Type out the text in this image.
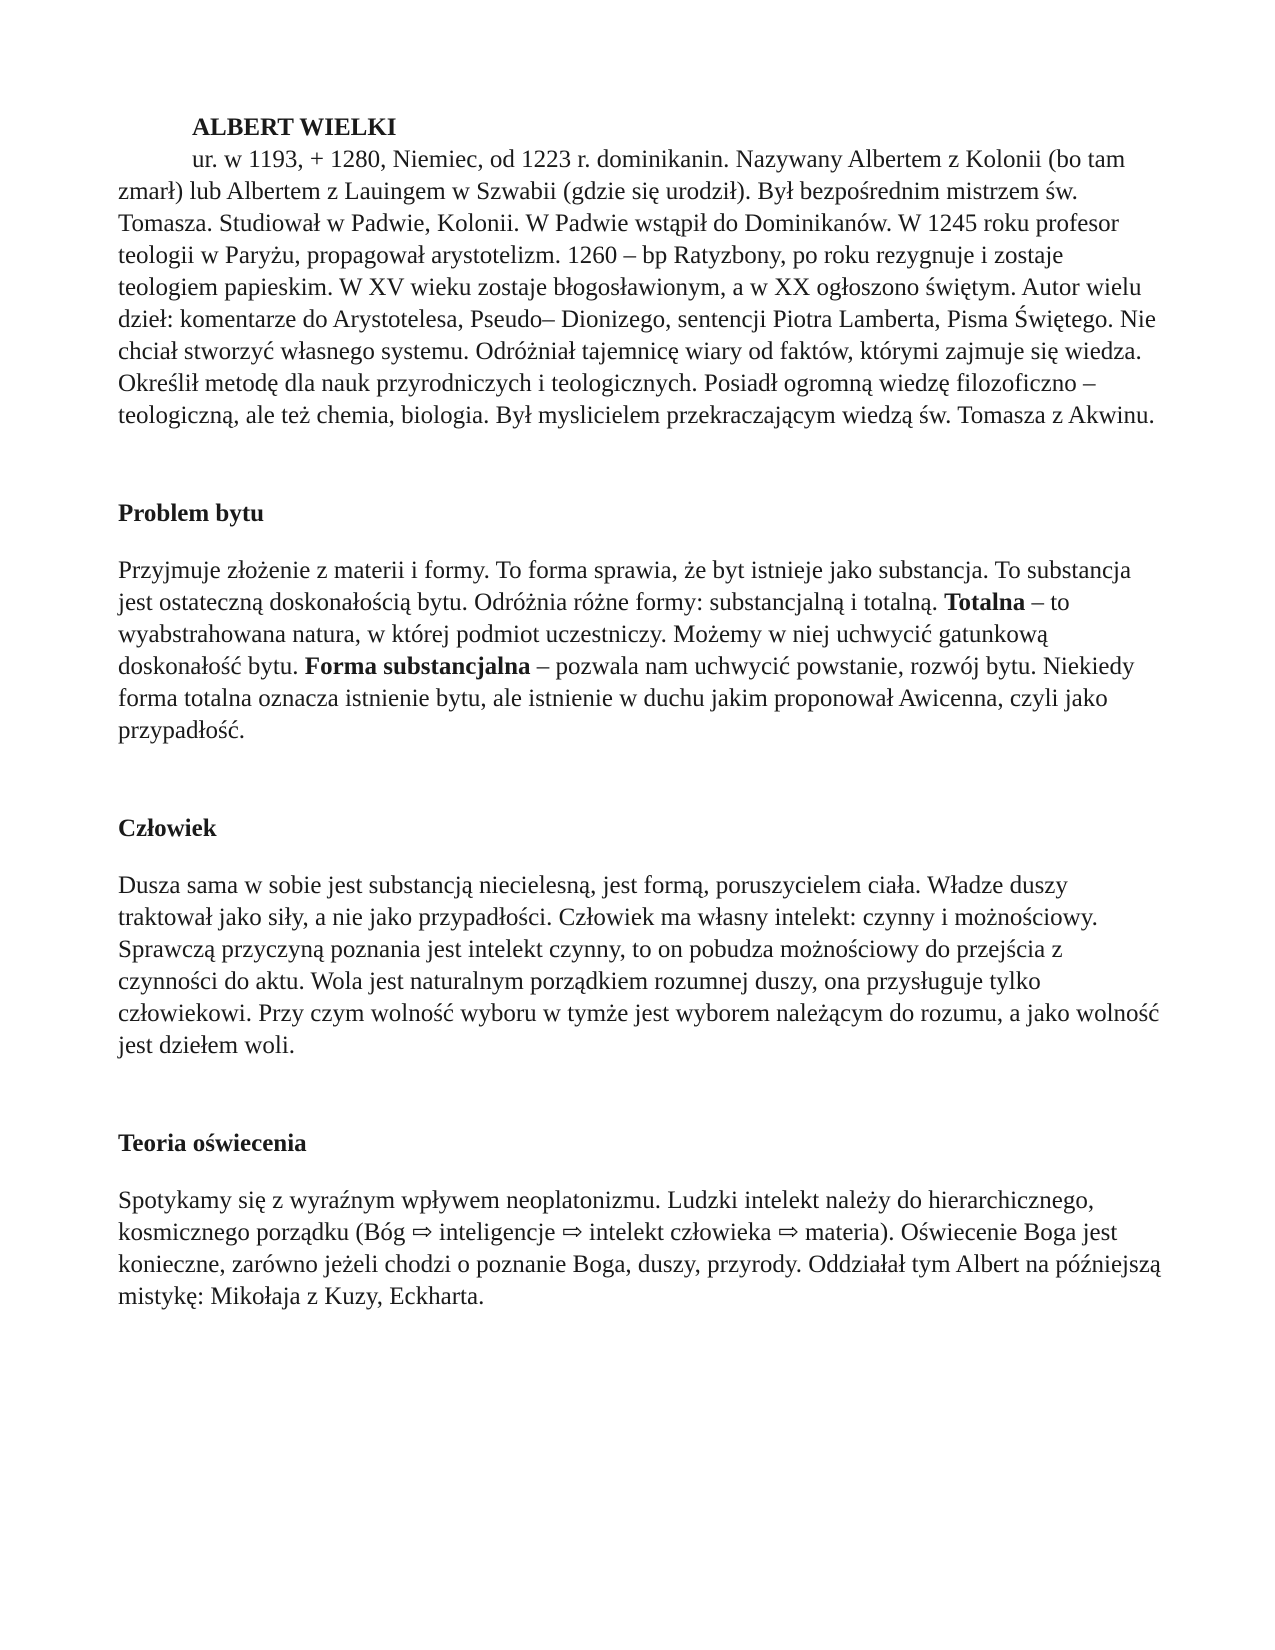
ALBERT WIELKI

ur. w 1193, + 1280, Niemiec, od 1223 r. dominikanin. Nazywany Albertem z Kolonii (bo tam zmarł) lub Albertem z Lauingem w Szwabii (gdzie się urodził). Był bezpośrednim mistrzem św. Tomasza. Studiował w Padwie, Kolonii. W Padwie wstąpił do Dominikanów. W 1245 roku profesor teologii w Paryżu, propagował arystotelizm. 1260 – bp Ratyzbony, po roku rezygnuje i zostaje teologiem papieskim. W XV wieku zostaje błogosławionym, a w XX ogłoszono świętym. Autor wielu dzieł: komentarze do Arystotelesa, Pseudo– Dionizego, sentencji Piotra Lamberta, Pisma Świętego. Nie chciał stworzyć własnego systemu. Odróżniał tajemnicę wiary od faktów, którymi zajmuje się wiedza. Określił metodę dla nauk przyrodniczych i teologicznych. Posiadł ogromną wiedzę filozoficzno – teologiczną, ale też chemia, biologia. Był myslicielem przekraczającym wiedzą św. Tomasza z Akwinu.

Problem bytu

Przyjmuje złożenie z materii i formy. To forma sprawia, że byt istnieje jako substancja. To substancja jest ostateczną doskonałością bytu. Odróżnia różne formy: substancjalną i totalną. Totalna – to wyabstrahowana natura, w której podmiot uczestniczy. Możemy w niej uchwycić gatunkową doskonałość bytu. Forma substancjalna – pozwala nam uchwycić powstanie, rozwój bytu. Niekiedy forma totalna oznacza istnienie bytu, ale istnienie w duchu jakim proponował Awicenna, czyli jako przypadłość.

Człowiek

Dusza sama w sobie jest substancją niecielesną, jest formą, poruszycielem ciała. Władze duszy traktował jako siły, a nie jako przypadłości. Człowiek ma własny intelekt: czynny i możnościowy. Sprawczą przyczyną poznania jest intelekt czynny, to on pobudza możnościowy do przejścia z czynności do aktu. Wola jest naturalnym porządkiem rozumnej duszy, ona przysługuje tylko człowiekowi. Przy czym wolność wyboru w tymże jest wyborem należącym do rozumu, a jako wolność jest dziełem woli.

Teoria oświecenia

Spotykamy się z wyraźnym wpływem neoplatonizmu. Ludzki intelekt należy do hierarchicznego, kosmicznego porządku (Bóg ⇨ inteligencje ⇨ intelekt człowieka ⇨ materia). Oświecenie Boga jest konieczne, zarówno jeżeli chodzi o poznanie Boga, duszy, przyrody. Oddziałał tym Albert na późniejszą mistykę: Mikołaja z Kuzy, Eckharta.
